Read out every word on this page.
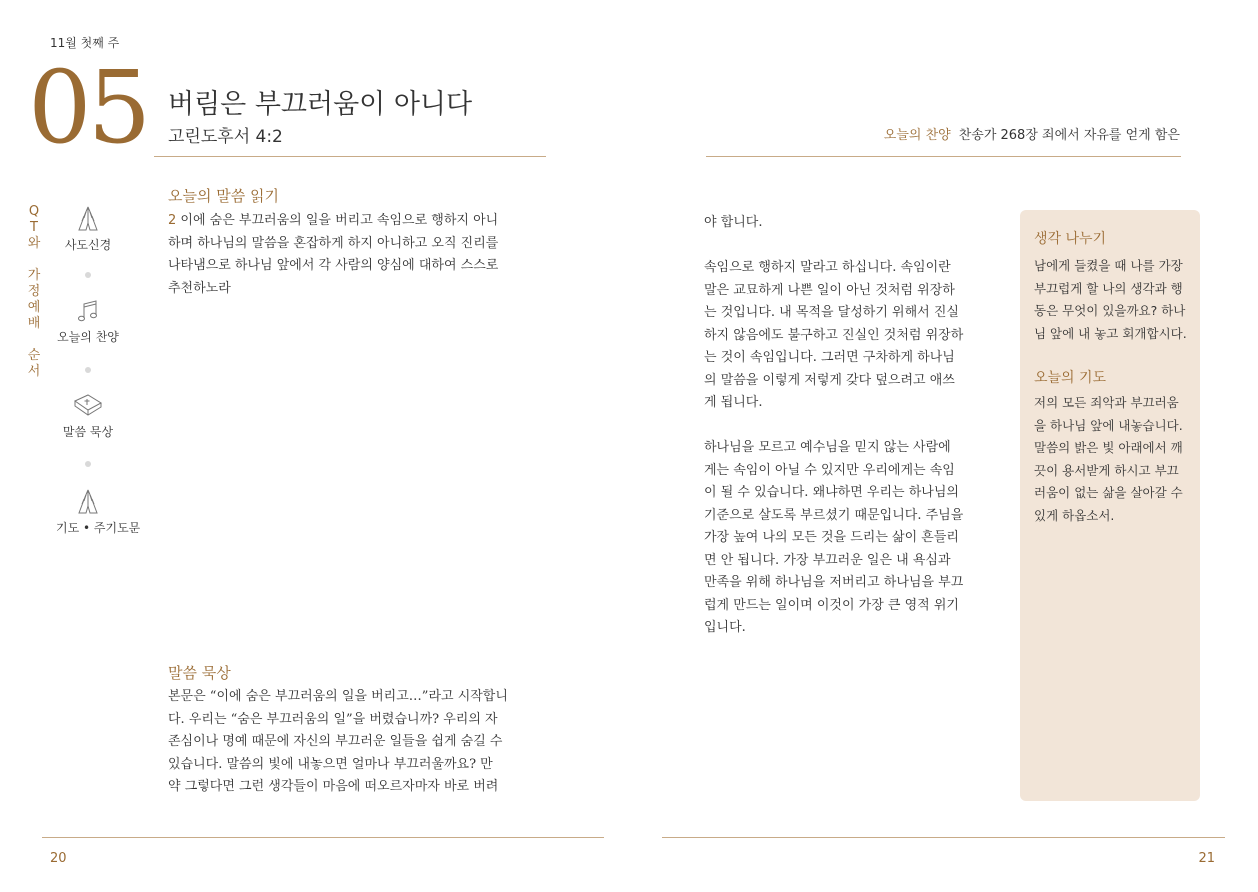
11월 첫째 주
05 버림은 부끄러움이 아니다
고린도후서 4:2	오늘의 찬양 찬송가 268장 죄에서 자유를 얻게 함은
Q
T
와
가
정
예
배
순
서
사도신경
오늘의 찬양
말씀 묵상
기도 • 주기도문
오늘의 말씀 읽기

2 이에 숨은 부끄러움의 일을 버리고 속임으로 행하지 아니

하며 하나님의 말씀을 혼잡하게 하지 아니하고 오직 진리를

나타냄으로 하나님 앞에서 각 사람의 양심에 대하여 스스로

추천하노라

말씀 묵상

본문은 “이에 숨은 부끄러움의 일을 버리고…”라고 시작합니

다. 우리는 “숨은 부끄러움의 일”을 버렸습니까? 우리의 자

존심이나 명예 때문에 자신의 부끄러운 일들을 쉽게 숨길 수

있습니다. 말씀의 빛에 내놓으면 얼마나 부끄러울까요? 만

약 그렇다면 그런 생각들이 마음에 떠오르자마자 바로 버려

야 합니다.

속임으로 행하지 말라고 하십니다. 속임이란

말은 교묘하게 나쁜 일이 아닌 것처럼 위장하

는 것입니다. 내 목적을 달성하기 위해서 진실

하지 않음에도 불구하고 진실인 것처럼 위장하

는 것이 속임입니다. 그러면 구차하게 하나님

의 말씀을 이렇게 저렇게 갖다 덮으려고 애쓰

게 됩니다.

하나님을 모르고 예수님을 믿지 않는 사람에

게는 속임이 아닐 수 있지만 우리에게는 속임

이 될 수 있습니다. 왜냐하면 우리는 하나님의

기준으로 살도록 부르셨기 때문입니다. 주님을

가장 높여 나의 모든 것을 드리는 삶이 흔들리

면 안 됩니다. 가장 부끄러운 일은 내 욕심과

만족을 위해 하나님을 저버리고 하나님을 부끄

럽게 만드는 일이며 이것이 가장 큰 영적 위기

입니다.

생각 나누기

남에게 들켰을 때 나를 가장

부끄럽게 할 나의 생각과 행

동은 무엇이 있을까요? 하나

님 앞에 내 놓고 회개합시다.

오늘의 기도

저의 모든 죄악과 부끄러움

을 하나님 앞에 내놓습니다.

말씀의 밝은 빛 아래에서 깨

끗이 용서받게 하시고 부끄

러움이 없는 삶을 살아갈 수

있게 하옵소서.

20	21
